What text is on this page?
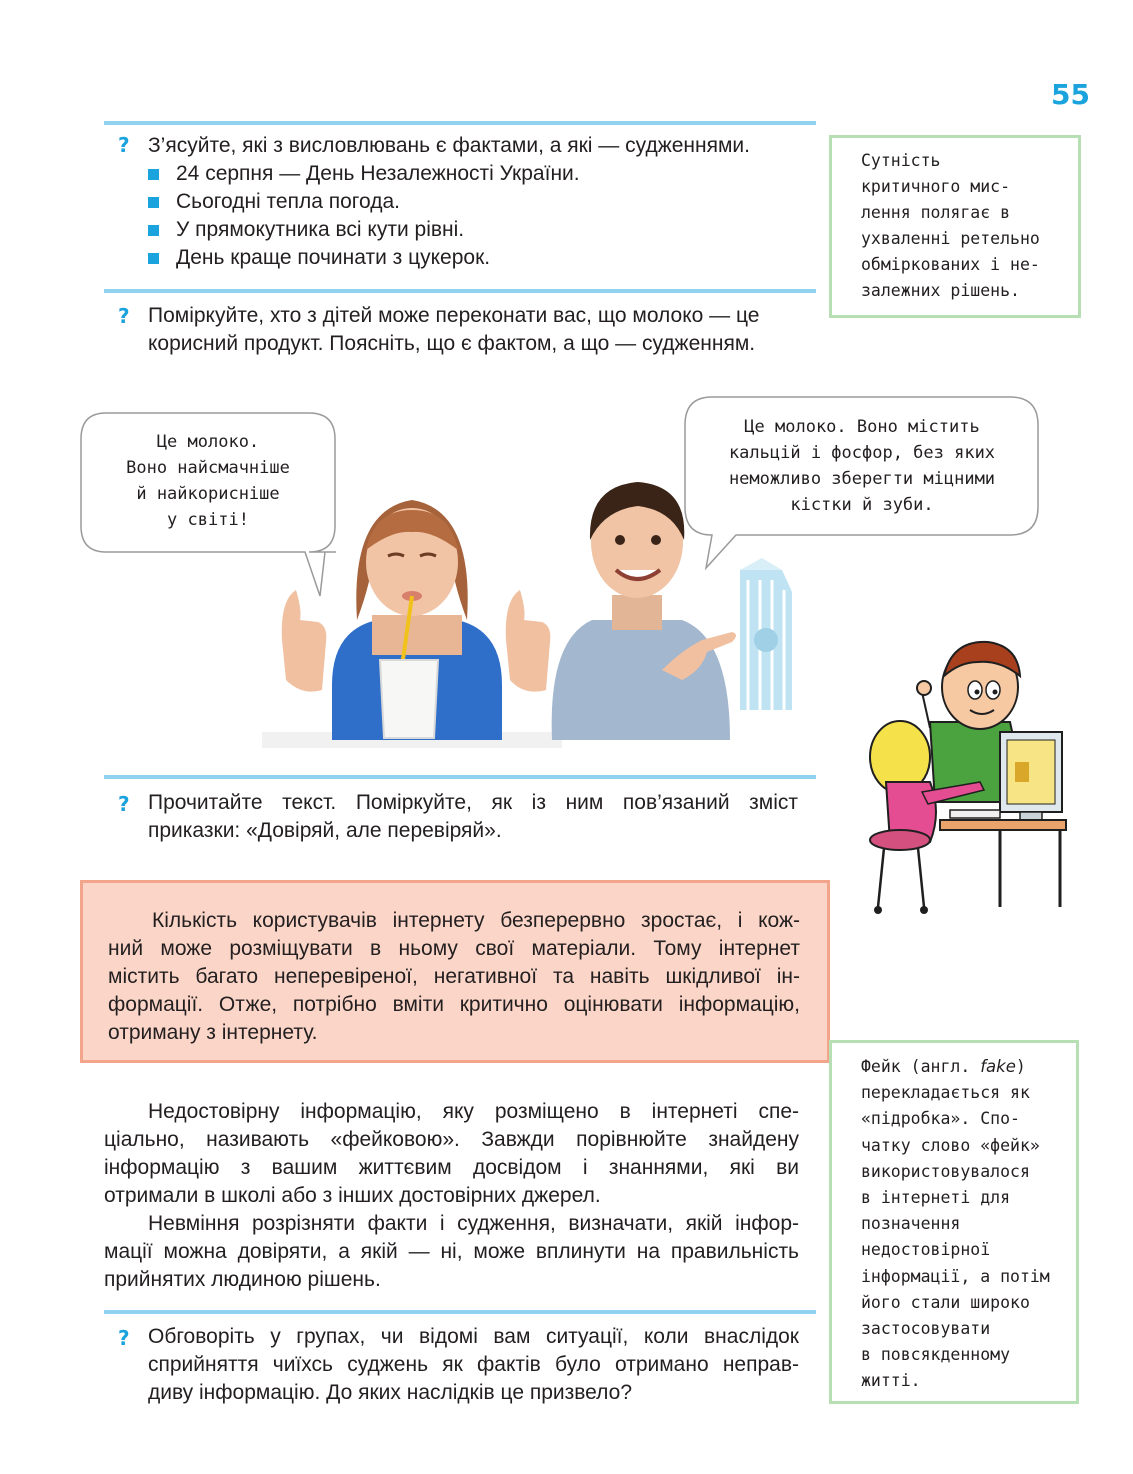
55
? З’ясуйте, які з висловлювань є фактами, а які — судженнями.
24 серпня — День Незалежності України.
Сьогодні тепла погода.
У прямокутника всі кути рівні.
День краще починати з цукерок.
Сутність
критичного мис-
лення полягає в
ухваленні ретельно
обміркованих і не-
залежних рішень.
? Поміркуйте, хто з дітей може переконати вас, що молоко — це
корисний продукт. Поясніть, що є фактом, а що — судженням.
Це молоко.
Воно найсмачніше
й найкорисніше
у світі!
Це молоко. Воно містить
кальцій і фосфор, без яких
неможливо зберегти міцними
кістки й зуби.
? Прочитайте текст. Поміркуйте, як із ним пов’язаний зміст
приказки: «Довіряй, але перевіряй».
Кількість користувачів інтернету безперервно зростає, і кож-
ний може розміщувати в ньому свої матеріали. Тому інтернет
містить багато неперевіреної, негативної та навіть шкідливої ін-
формації. Отже, потрібно вміти критично оцінювати інформацію,
отриману з інтернету.
Фейк (англ. fake)
перекладається як
«підробка». Спо-
чатку слово «фейк»
використовувалося
в інтернеті для
позначення
недостовірної
інформації, а потім
його стали широко
застосовувати
в повсякденному
житті.
Недостовірну інформацію, яку розміщено в інтернеті спе-
ціально, називають «фейковою». Завжди порівнюйте знайдену
інформацію з вашим життєвим досвідом і знаннями, які ви
отримали в школі або з інших достовірних джерел.
Невміння розрізняти факти і судження, визначати, якій інфор-
мації можна довіряти, а якій — ні, може вплинути на правильність
прийнятих людиною рішень.
? Обговоріть у групах, чи відомі вам ситуації, коли внаслідок
сприйняття чиїхсь суджень як фактів було отримано неправ-
диву інформацію. До яких наслідків це призвело?
